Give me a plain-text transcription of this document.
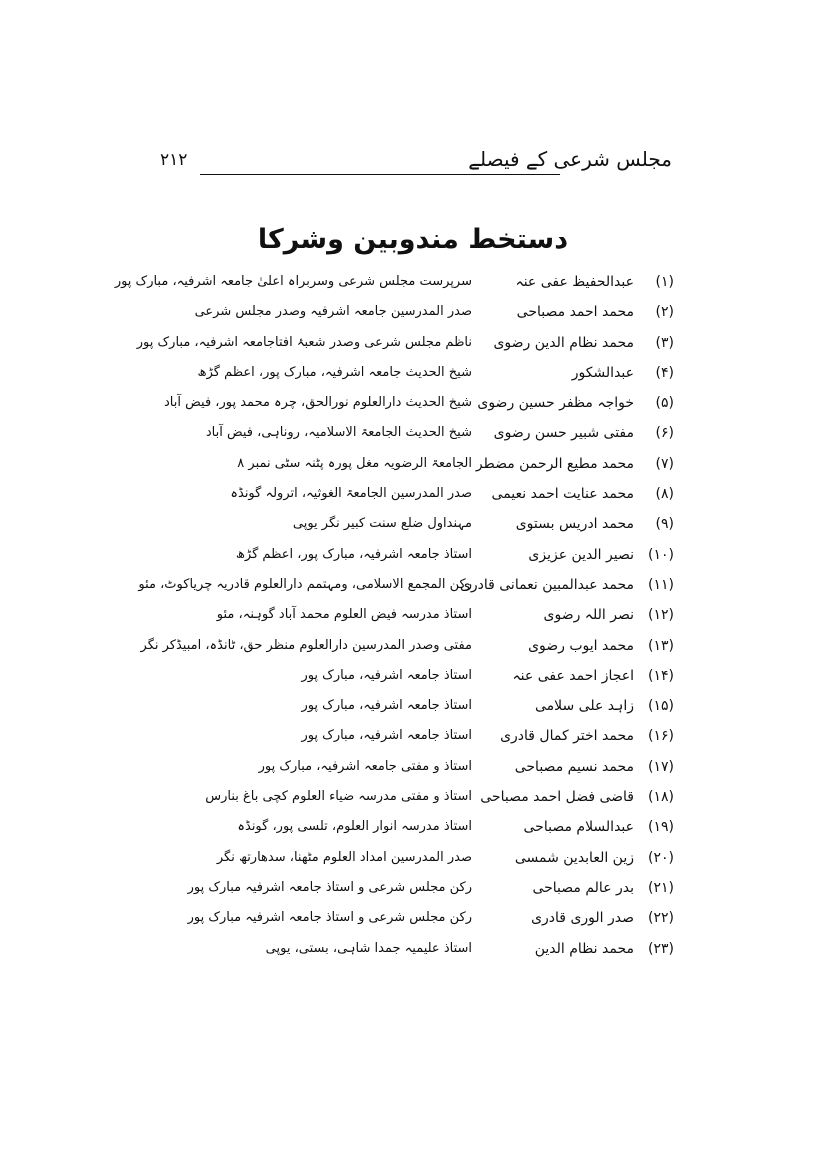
مجلس شرعی کے فیصلے
۲۱۲
دستخط مندوبین وشرکا
(۱)
عبدالحفیظ عفی عنہ
سرپرست مجلس شرعی وسربراہ اعلیٰ جامعہ اشرفیہ، مبارک پور
(۲)
محمد احمد مصباحی
صدر المدرسین جامعہ اشرفیہ وصدر مجلس شرعی
(۳)
محمد نظام الدین رضوی
ناظم مجلس شرعی وصدر شعبۂ افتاجامعہ اشرفیہ، مبارک پور
(۴)
عبدالشکور
شیخ الحدیث جامعہ اشرفیہ، مبارک پور، اعظم گڑھ
(۵)
خواجہ مظفر حسین رضوی
شیخ الحدیث دارالعلوم نورالحق، چرہ محمد پور، فیض آباد
(۶)
مفتی شبیر حسن رضوی
شیخ الحدیث الجامعۃ الاسلامیہ، روناہی، فیض آباد
(۷)
محمد مطیع الرحمن مضطر
الجامعۃ الرضویہ مغل پورہ پٹنہ سٹی نمبر ۸
(۸)
محمد عنایت احمد نعیمی
صدر المدرسین الجامعۃ الغوثیہ، اترولہ گونڈہ
(۹)
محمد ادریس بستوی
مہنداول ضلع سنت کبیر نگر یوپی
(۱۰)
نصیر الدین عزیزی
استاذ جامعہ اشرفیہ، مبارک پور، اعظم گڑھ
(۱۱)
محمد عبدالمبین نعمانی قادری
رکن المجمع الاسلامی، ومہتمم دارالعلوم قادریہ چریاکوٹ، مئو
(۱۲)
نصر اللہ رضوی
استاذ مدرسہ فیض العلوم محمد آباد گوہنہ، مئو
(۱۳)
محمد ایوب رضوی
مفتی وصدر المدرسین دارالعلوم منظر حق، ٹانڈہ، امبیڈکر نگر
(۱۴)
اعجاز احمد عفی عنہ
استاذ جامعہ اشرفیہ، مبارک پور
(۱۵)
زاہد علی سلامی
استاذ جامعہ اشرفیہ، مبارک پور
(۱۶)
محمد اختر کمال قادری
استاذ جامعہ اشرفیہ، مبارک پور
(۱۷)
محمد نسیم مصباحی
استاذ و مفتی جامعہ اشرفیہ، مبارک پور
(۱۸)
قاضی فضل احمد مصباحی
استاذ و مفتی مدرسہ ضیاء العلوم کچی باغ بنارس
(۱۹)
عبدالسلام مصباحی
استاذ مدرسہ انوار العلوم، تلسی پور، گونڈہ
(۲۰)
زین العابدین شمسی
صدر المدرسین امداد العلوم مٹھنا، سدھارتھ نگر
(۲۱)
بدر عالم مصباحی
رکن مجلس شرعی و استاذ جامعہ اشرفیہ مبارک پور
(۲۲)
صدر الوری قادری
رکن مجلس شرعی و استاذ جامعہ اشرفیہ مبارک پور
(۲۳)
محمد نظام الدین
استاذ علیمیہ جمدا شاہی، بستی، یوپی
